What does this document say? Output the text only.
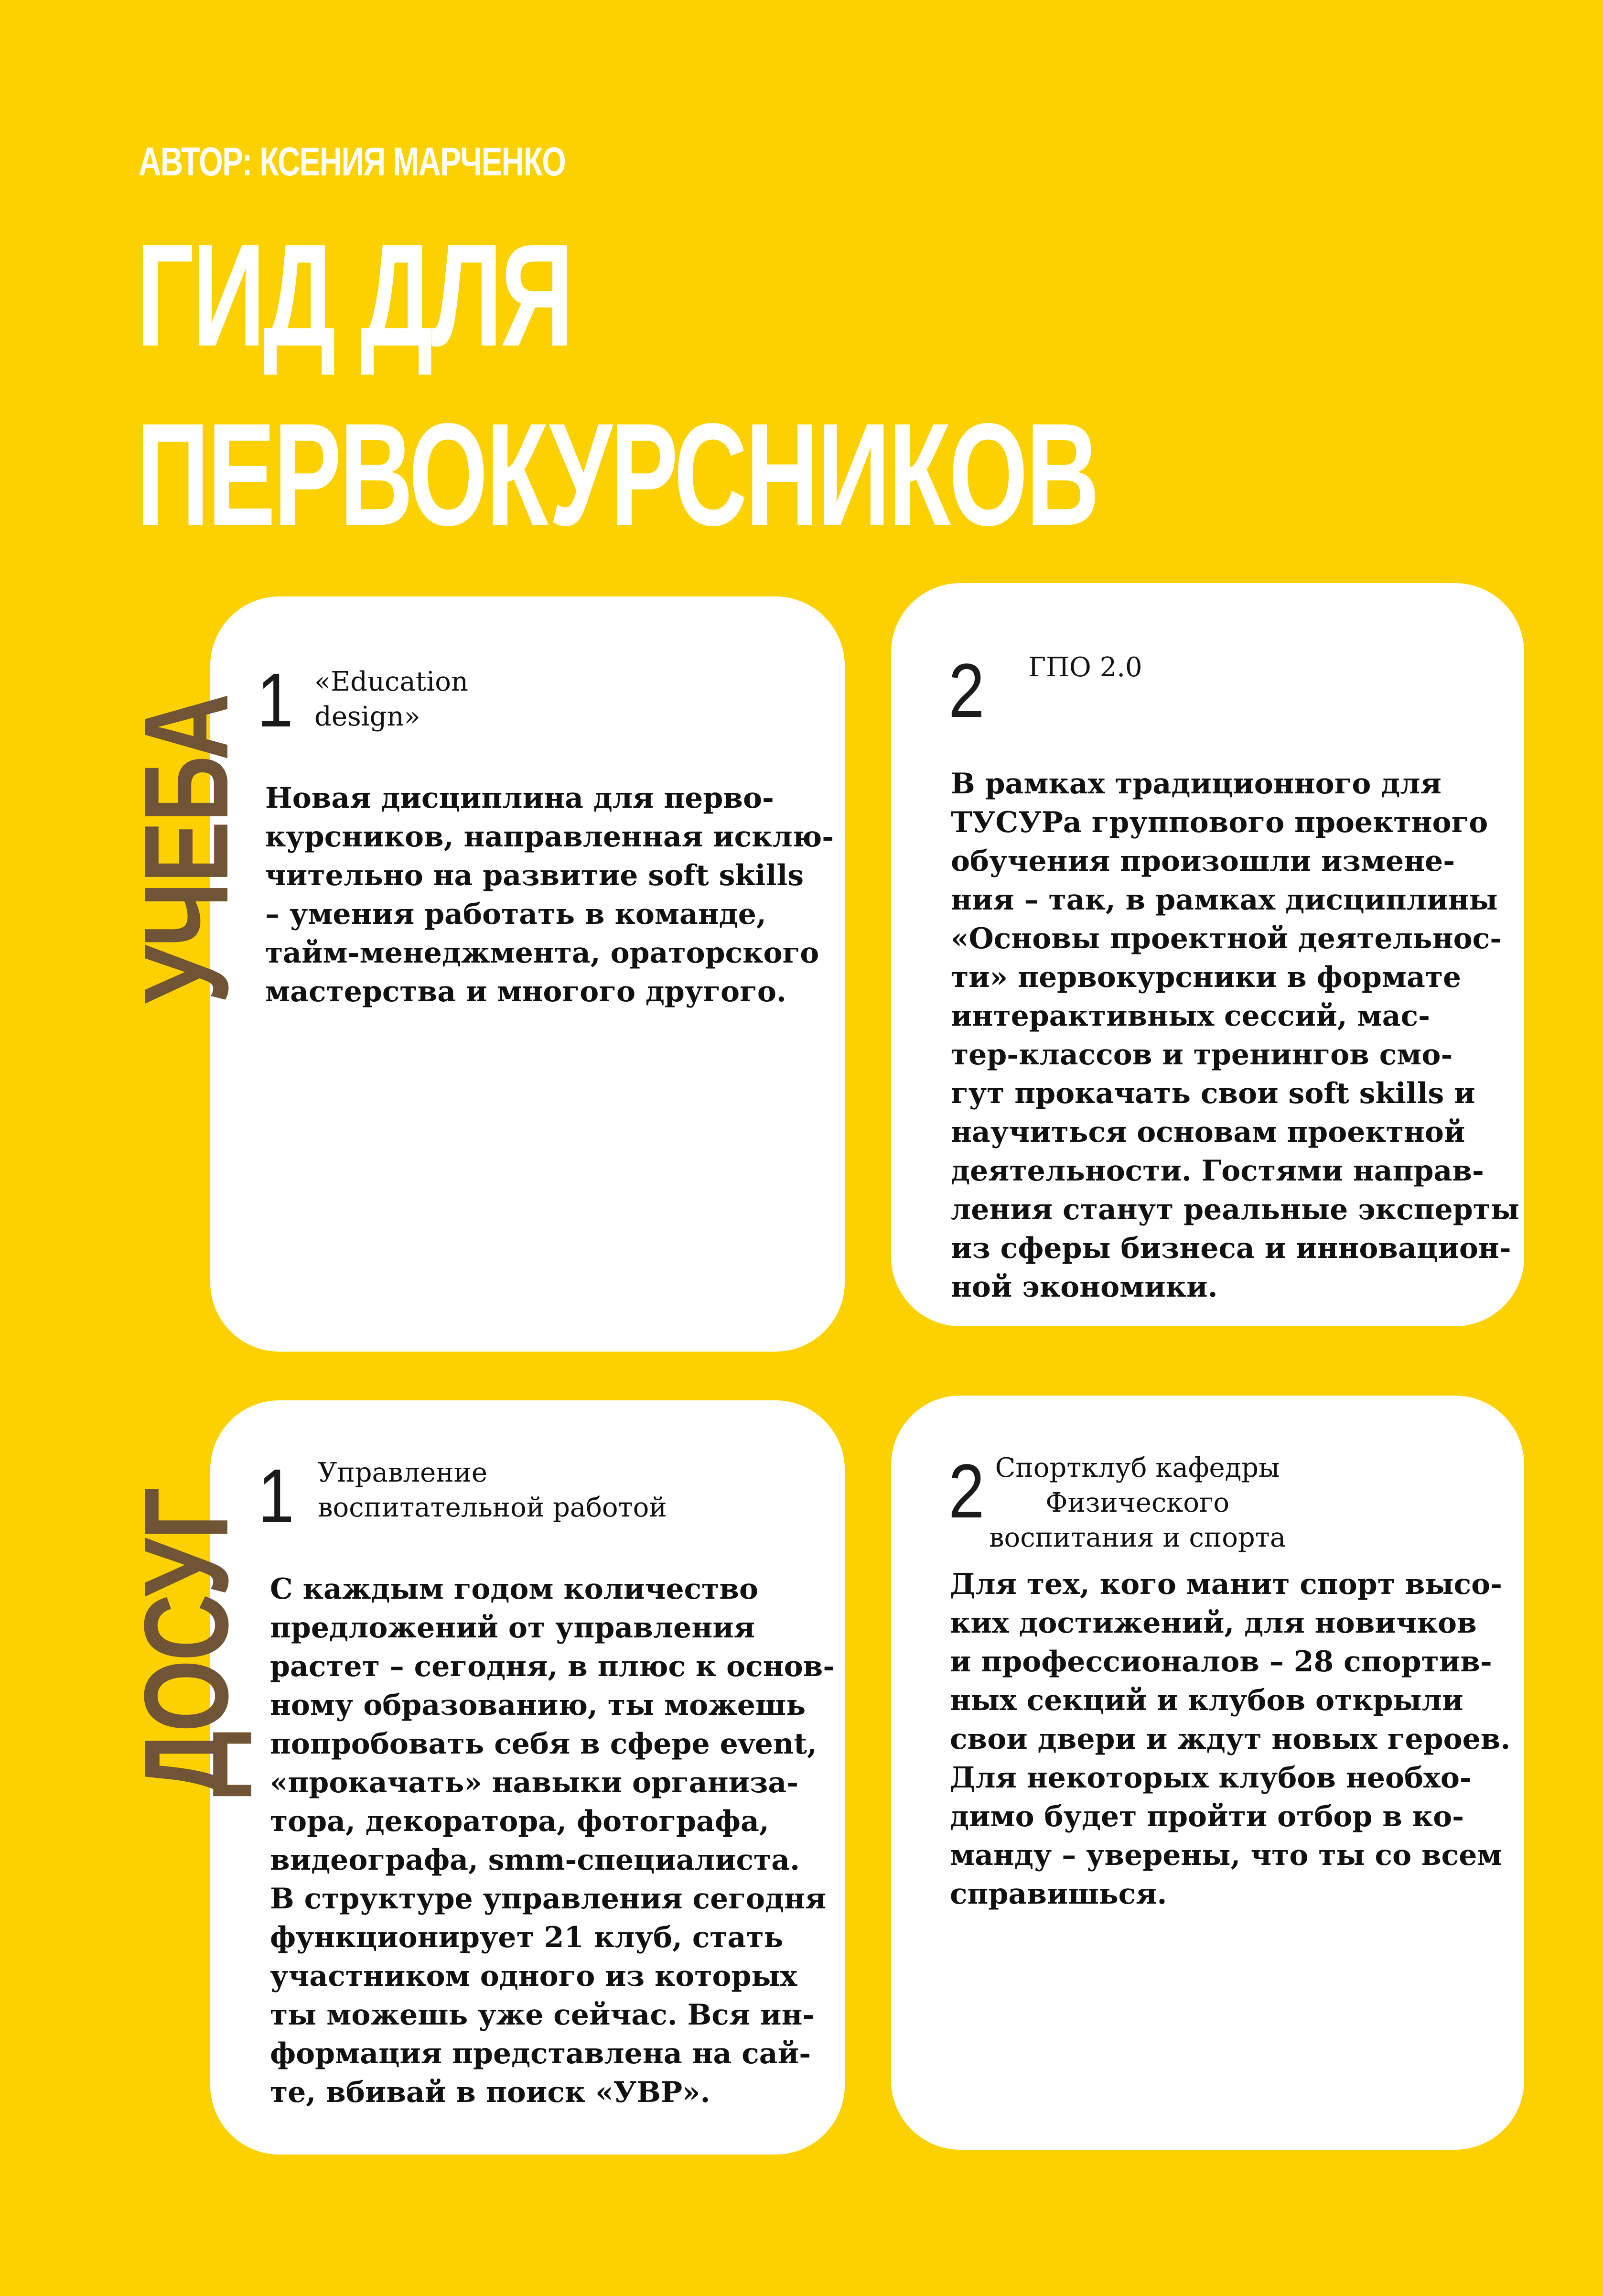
АВТОР: КСЕНИЯ МАРЧЕНКО
ГИД ДЛЯ
ПЕРВОКУРСНИКОВ
УЧЕБА
ДОСУГ
1 «Education
design»

Новая дисциплина для перво-
курсников, направленная исклю-
чительно на развитие soft skills
– умения работать в команде,
тайм-менеджмента, ораторского
мастерства и многого другого.

2 ГПО 2.0

В рамках традиционного для
ТУСУРа группового проектного
обучения произошли измене-
ния – так, в рамках дисциплины
«Основы проектной деятельнос-
ти» первокурсники в формате
интерактивных сессий, мас-
тер-классов и тренингов смо-
гут прокачать свои soft skills и
научиться основам проектной
деятельности. Гостями направ-
ления станут реальные эксперты
из сферы бизнеса и инновацион-
ной экономики.

1 Управление
воспитательной работой

С каждым годом количество
предложений от управления
растет – сегодня, в плюс к основ-
ному образованию, ты можешь
попробовать себя в сфере event,
«прокачать» навыки организа-
тора, декоратора, фотографа,
видеографа, smm-специалиста.
В структуре управления сегодня
функционирует 21 клуб, стать
участником одного из которых
ты можешь уже сейчас. Вся ин-
формация представлена на сай-
те, вбивай в поиск «УВР».

2 Спортклуб кафедры
Физического
воспитания и спорта

Для тех, кого манит спорт высо-
ких достижений, для новичков
и профессионалов – 28 спортив-
ных секций и клубов открыли
свои двери и ждут новых героев.
Для некоторых клубов необхо-
димо будет пройти отбор в ко-
манду – уверены, что ты со всем
справишься.
